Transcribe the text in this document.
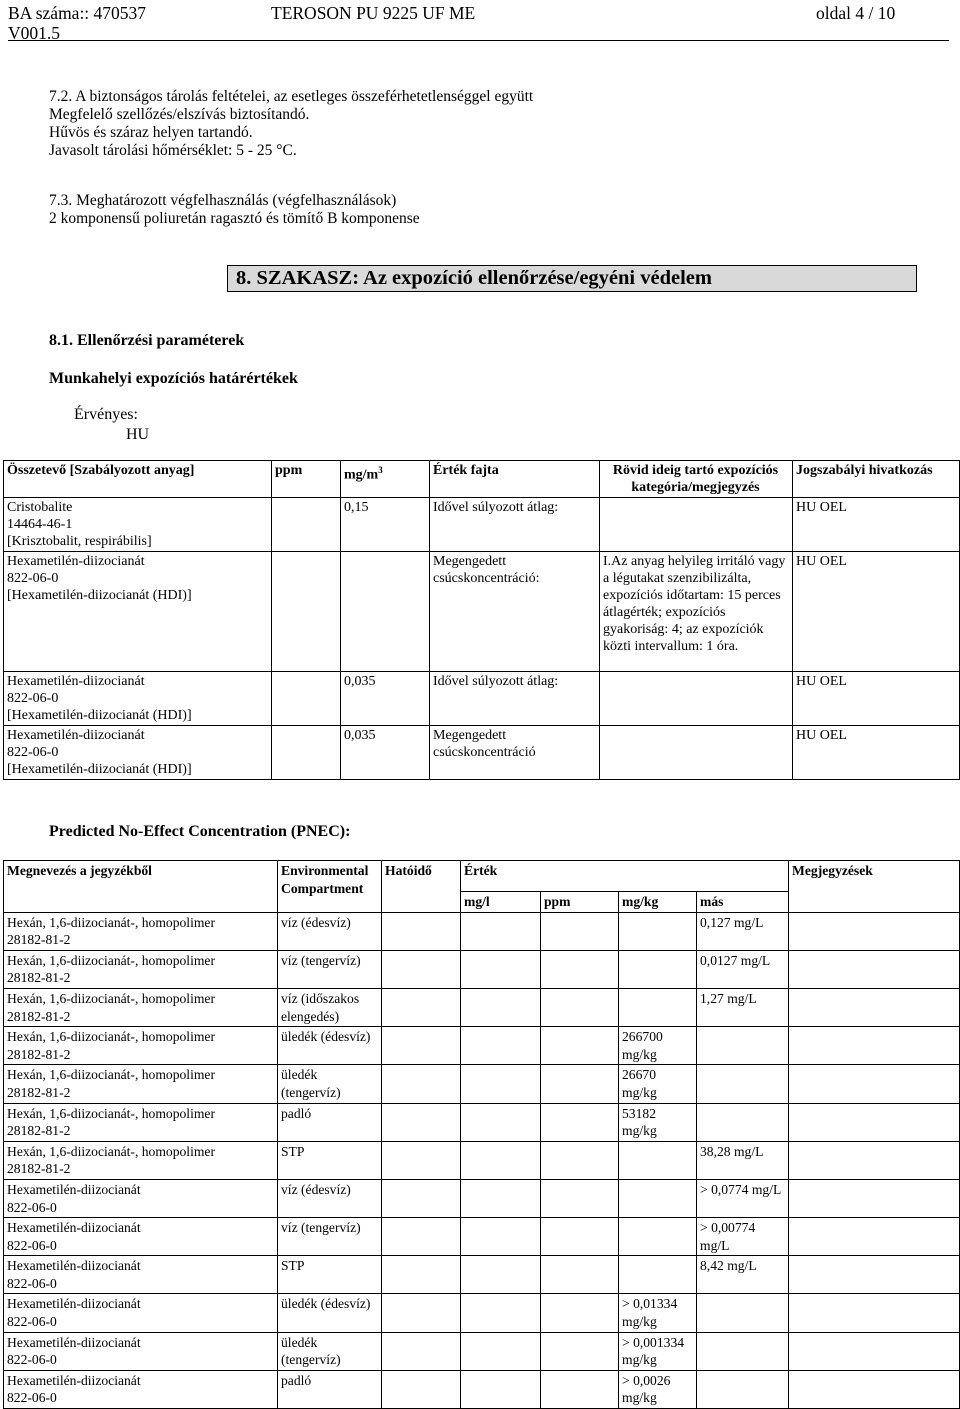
BA száma:: 470537
V001.5
TEROSON PU 9225 UF ME	oldal 4 / 10
7.2. A biztonságos tárolás feltételei, az esetleges összeférhetetlenséggel együtt
Megfelelő szellőzés/elszívás biztosítandó.
Hűvös és száraz helyen tartandó.
Javasolt tárolási hőmérséklet: 5 - 25 °C.
7.3. Meghatározott végfelhasználás (végfelhasználások)
2 komponensű poliuretán ragasztó és tömítő B komponense
8. SZAKASZ: Az expozíció ellenőrzése/egyéni védelem
8.1. Ellenőrzési paraméterek
Munkahelyi expozíciós határértékek
Érvényes:
HU
Összetevő [Szabályozott anyag]	ppm	$mg/m^3$	Érték fajta	Rövid ideig tartó expozíciós kategória/megjegyzés	Jogszabályi hivatkozás

Cristobalite
14464-46-1
[Krisztobalit, respirábilis]		0,15	Idővel súlyozott átlag:		HU OEL

Hexametilén-diizocianát
822-06-0
[Hexametilén-diizocianát (HDI)]			Megengedett csúcskoncentráció:	I.Az anyag helyileg irritáló vagy a légutakat szenzibilizálta, expozíciós időtartam: 15 perces átlagérték; expozíciós gyakoriság: 4; az expozíciók közti intervallum: 1 óra.	HU OEL

Hexametilén-diizocianát
822-06-0
[Hexametilén-diizocianát (HDI)]		0,035	Idővel súlyozott átlag:		HU OEL

Hexametilén-diizocianát
822-06-0
[Hexametilén-diizocianát (HDI)]		0,035	Megengedett csúcskoncentráció		HU OEL
Predicted No-Effect Concentration (PNEC):
Megnevezés a jegyzékből	Environmental Compartment	Hatóidő	Érték				Megjegyzések
			mg/l	ppm	mg/kg	más	

Hexán, 1,6-diizocianát-, homopolimer
28182-81-2	víz (édesvíz)					0,127 mg/L	

Hexán, 1,6-diizocianát-, homopolimer
28182-81-2	víz (tengervíz)					0,0127 mg/L	

Hexán, 1,6-diizocianát-, homopolimer
28182-81-2	víz (időszakos elengedés)					1,27 mg/L	

Hexán, 1,6-diizocianát-, homopolimer
28182-81-2	üledék (édesvíz)				266700 mg/kg		

Hexán, 1,6-diizocianát-, homopolimer
28182-81-2	üledék (tengervíz)				26670 mg/kg		

Hexán, 1,6-diizocianát-, homopolimer
28182-81-2	padló				53182 mg/kg		

Hexán, 1,6-diizocianát-, homopolimer
28182-81-2	STP					38,28 mg/L	

Hexametilén-diizocianát
822-06-0	víz (édesvíz)					> 0,0774 mg/L	

Hexametilén-diizocianát
822-06-0	víz (tengervíz)					> 0,00774 mg/L	

Hexametilén-diizocianát
822-06-0	STP					8,42 mg/L	

Hexametilén-diizocianát
822-06-0	üledék (édesvíz)				> 0,01334 mg/kg		

Hexametilén-diizocianát
822-06-0	üledék (tengervíz)				> 0,001334 mg/kg		

Hexametilén-diizocianát
822-06-0	padló				> 0,0026 mg/kg		
